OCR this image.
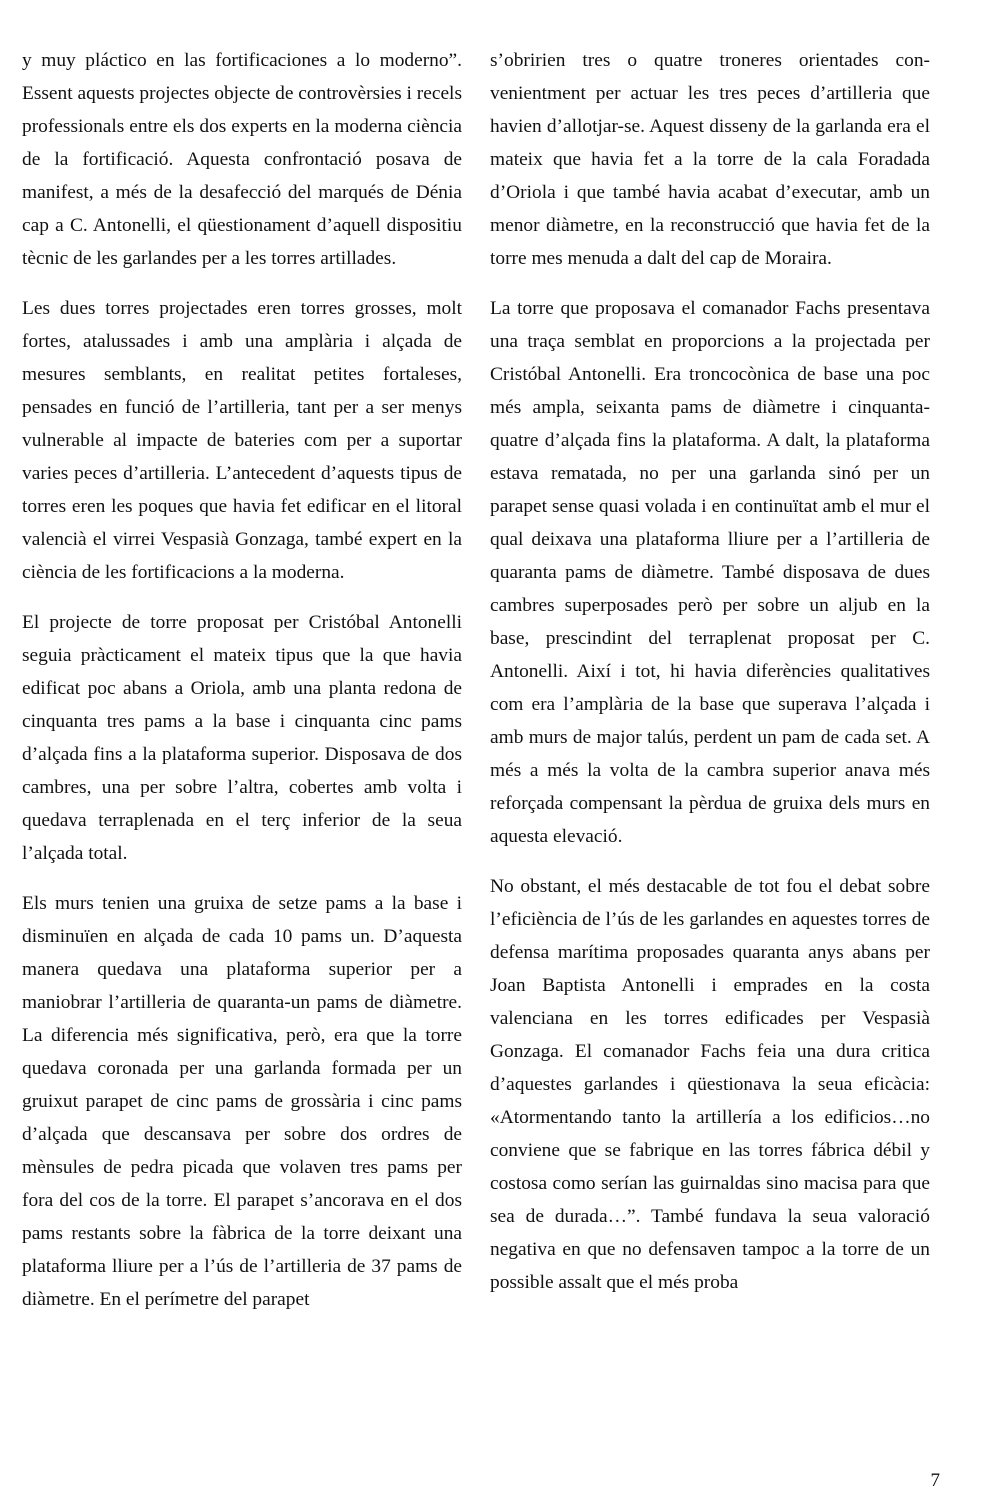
y muy pláctico en las fortificaciones a lo moderno”. Essent aquests projectes objecte de controvèrsies i recels professionals entre els dos experts en la moderna ciència de la fortificació. Aquesta confrontació posava de manifest, a més de la desafecció del marqués de Dénia cap a C. Antonelli, el qüestionament d’aquell dispositiu tècnic de les garlandes per a les torres artillades.

Les dues torres projectades eren torres grosses, molt fortes, atalussades i amb una amplària i alçada de mesures semblants, en realitat petites fortaleses, pensades en funció de l’artilleria, tant per a ser menys vulnerable al impacte de bateries com per a suportar varies peces d’artilleria. L’antecedent d’aquests tipus de torres eren les poques que havia fet edificar en el litoral valencià el virrei Vespasià Gonzaga, també expert en la ciència de les fortificacions a la moderna.

El projecte de torre proposat per Cristóbal Antonelli seguia pràcticament el mateix tipus que la que havia edificat poc abans a Oriola, amb una planta redona de cinquanta tres pams a la base i cinquanta cinc pams d’alçada fins a la plataforma superior. Disposava de dos cambres, una per sobre l’altra, cobertes amb volta i quedava terraplenada en el terç inferior de la seua l’alçada total.

Els murs tenien una gruixa de setze pams a la base i disminuïen en alçada de cada 10 pams un. D’aquesta manera quedava una plataforma superior per a maniobrar l’artilleria de quaranta-un pams de diàmetre. La diferencia més significativa, però, era que la torre quedava coronada per una garlanda formada per un gruixut parapet de cinc pams de grossària i cinc pams d’alçada que descansava per sobre dos ordres de mènsules de pedra picada que volaven tres pams per fora del cos de la torre. El parapet s’ancorava en el dos pams restants sobre la fàbrica de la torre deixant una plataforma lliure per a l’ús de l’artilleria de 37 pams de diàmetre. En el perímetre del parapet

s’obririen tres o quatre troneres orientades convenientment per actuar les tres peces d’artilleria que havien d’allotjar-se. Aquest disseny de la garlanda era el mateix que havia fet a la torre de la cala Foradada d’Oriola i que també havia acabat d’executar, amb un menor diàmetre, en la reconstrucció que havia fet de la torre mes menuda a dalt del cap de Moraira.

La torre que proposava el comanador Fachs presentava una traça semblat en proporcions a la projectada per Cristóbal Antonelli. Era troncocònica de base una poc més ampla, seixanta pams de diàmetre i cinquanta-quatre d’alçada fins la plataforma. A dalt, la plataforma estava rematada, no per una garlanda sinó per un parapet sense quasi volada i en continuïtat amb el mur el qual deixava una plataforma lliure per a l’artilleria de quaranta pams de diàmetre. També disposava de dues cambres superposades però per sobre un aljub en la base, prescindint del terraplenat proposat per C. Antonelli. Així i tot, hi havia diferències qualitatives com era l’amplària de la base que superava l’alçada i amb murs de major talús, perdent un pam de cada set. A més a més la volta de la cambra superior anava més reforçada compensant la pèrdua de gruixa dels murs en aquesta elevació.

No obstant, el més destacable de tot fou el debat sobre l’eficiència de l’ús de les garlandes en aquestes torres de defensa marítima proposades quaranta anys abans per Joan Baptista Antonelli i emprades en la costa valenciana en les torres edificades per Vespasià Gonzaga. El comanador Fachs feia una dura critica d’aquestes garlandes i qüestionava la seua eficàcia: «Atormentando tanto la artillería a los edificios…no conviene que se fabrique en las torres fábrica débil y costosa como serían las guirnaldas sino macisa para que sea de durada…”. També fundava la seua valoració negativa en que no defensaven tampoc a la torre de un possible assalt que el més proba

7
